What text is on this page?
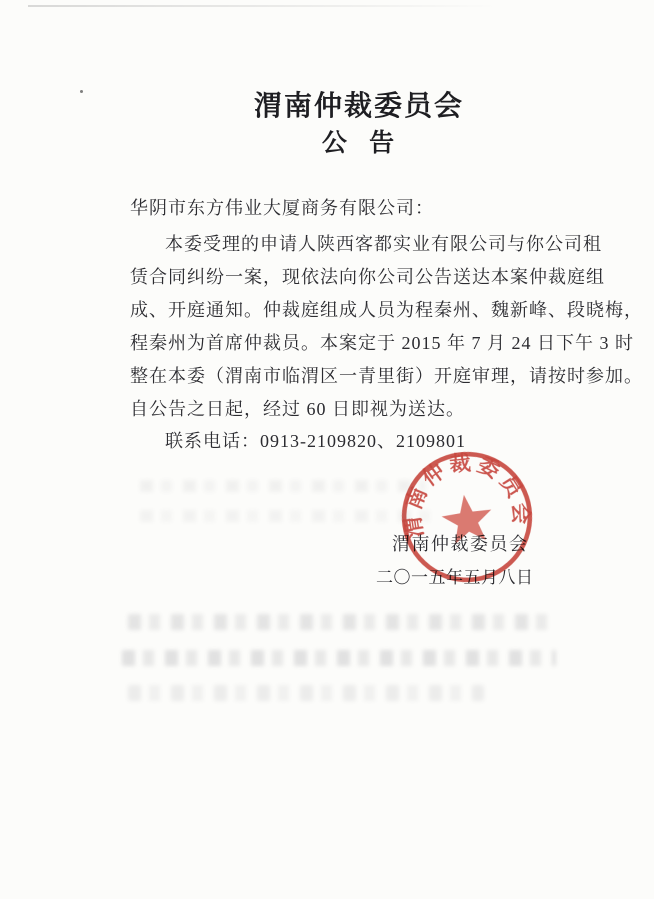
渭南仲裁委员会
公 告
华阴市东方伟业大厦商务有限公司：
本委受理的申请人陕西客都实业有限公司与你公司租
赁合同纠纷一案，现依法向你公司公告送达本案仲裁庭组
成、开庭通知。仲裁庭组成人员为程秦州、魏新峰、段晓梅，
程秦州为首席仲裁员。本案定于 2015 年 7 月 24 日下午 3 时
整在本委（渭南市临渭区一青里街）开庭审理，请按时参加。
自公告之日起，经过 60 日即视为送达。
联系电话：0913-2109820、2109801
渭南仲裁委员会
二〇一五年五月八日
渭南仲裁委员会
